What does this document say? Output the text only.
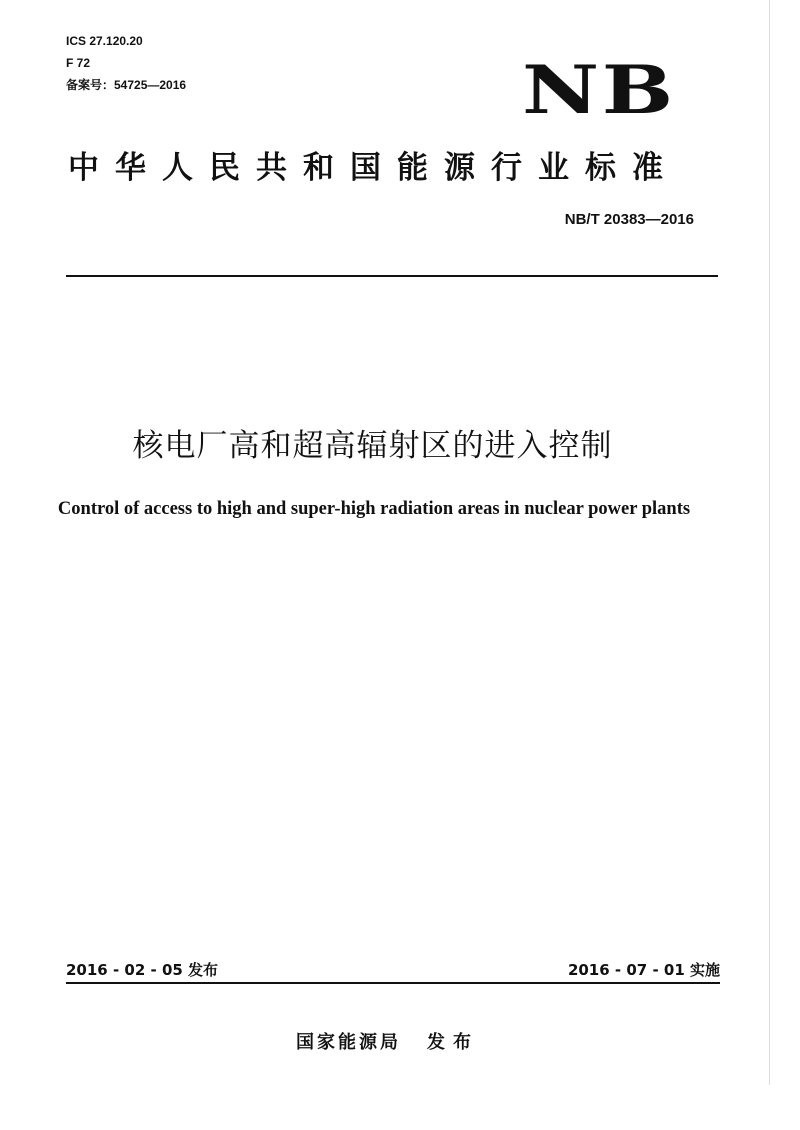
ICS 27.120.20
F 72
备案号：54725—2016	NB
中华人民共和国能源行业标准
NB/T 20383—2016
核电厂高和超高辐射区的进入控制
Control of access to high and super-high radiation areas in nuclear power plants
2016 - 02 - 05 发布	2016 - 07 - 01 实施
国家能源局 发布
